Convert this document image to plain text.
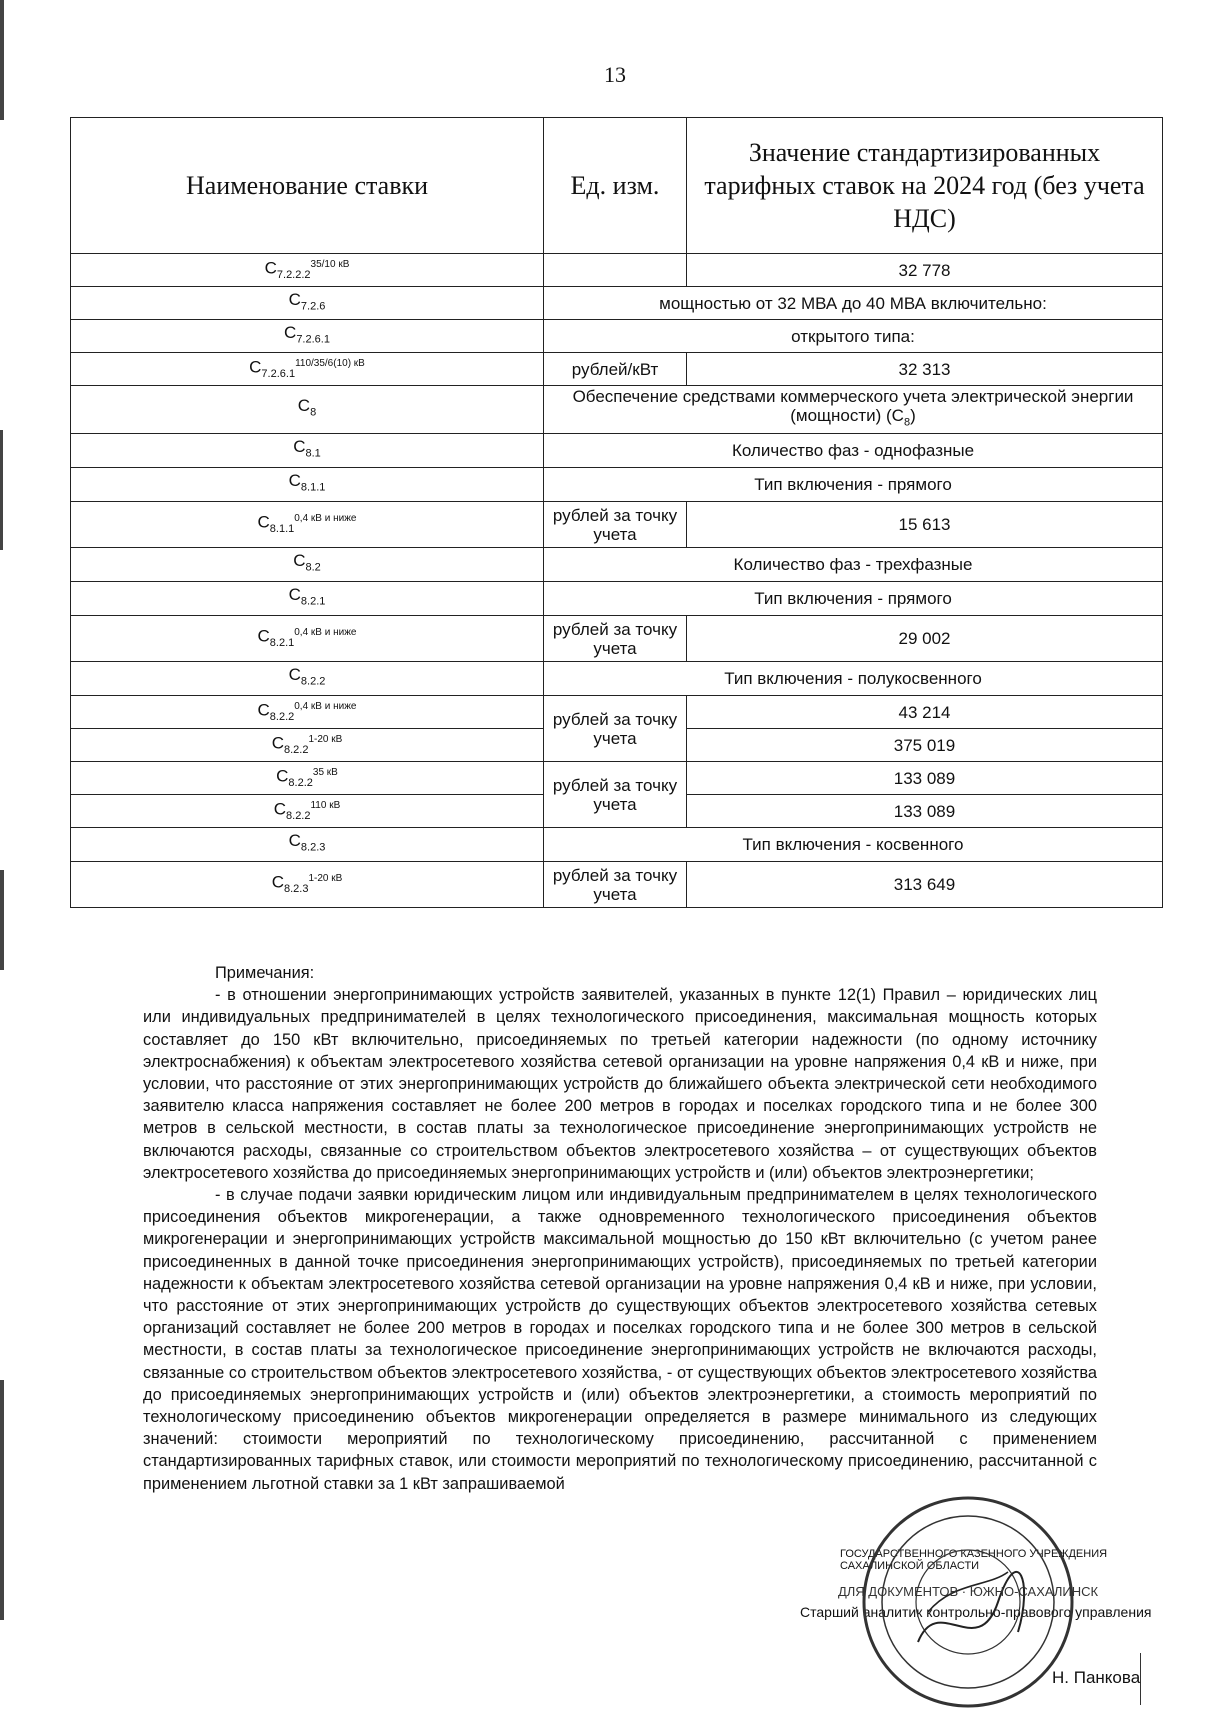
13
Наименование ставки	Ед. изм.	Значение стандартизированных тарифных ставок на 2024 год (без учета НДС)
$C_{7.2.2.2}^{35/10 кВ}$		32 778
$C_{7.2.6}$	мощностью от 32 МВА до 40 МВА включительно:	
$C_{7.2.6.1}$	открытого типа:	
$C_{7.2.6.1}^{110/35/6(10) кВ}$	рублей/кВт	32 313
$C_8$	Обеспечение средствами коммерческого учета электрической энергии (мощности) $(C_8)$	
$C_{8.1}$	Количество фаз - однофазные	
$C_{8.1.1}$	Тип включения - прямого	
$C_{8.1.1}^{0,4 кВ и ниже}$	рублей за точку учета	15 613
$C_{8.2}$	Количество фаз - трехфазные	
$C_{8.2.1}$	Тип включения - прямого	
$C_{8.2.1}^{0,4 кВ и ниже}$	рублей за точку учета	29 002
$C_{8.2.2}$	Тип включения - полукосвенного	
$C_{8.2.2}^{0,4 кВ и ниже}$	рублей за точку учета	43 214
$C_{8.2.2}^{1-20 кВ}$		375 019
$C_{8.2.2}^{35 кВ}$	рублей за точку учета	133 089
$C_{8.2.2}^{110 кВ}$		133 089
$C_{8.2.3}$	Тип включения - косвенного	
$C_{8.2.3}^{1-20 кВ}$	рублей за точку учета	313 649

Примечания:

- в отношении энергопринимающих устройств заявителей, указанных в пункте 12(1) Правил – юридических лиц или индивидуальных предпринимателей в целях технологического присоединения, максимальная мощность которых составляет до 150 кВт включительно, присоединяемых по третьей категории надежности (по одному источнику электроснабжения) к объектам электросетевого хозяйства сетевой организации на уровне напряжения 0,4 кВ и ниже, при условии, что расстояние от этих энергопринимающих устройств до ближайшего объекта электрической сети необходимого заявителю класса напряжения составляет не более 200 метров в городах и поселках городского типа и не более 300 метров в сельской местности, в состав платы за технологическое присоединение энергопринимающих устройств не включаются расходы, связанные со строительством объектов электросетевого хозяйства – от существующих объектов электросетевого хозяйства до присоединяемых энергопринимающих устройств и (или) объектов электроэнергетики;

- в случае подачи заявки юридическим лицом или индивидуальным предпринимателем в целях технологического присоединения объектов микрогенерации, а также одновременного технологического присоединения объектов микрогенерации и энергопринимающих устройств максимальной мощностью до 150 кВт включительно (с учетом ранее присоединенных в данной точке присоединения энергопринимающих устройств), присоединяемых по третьей категории надежности к объектам электросетевого хозяйства сетевой организации на уровне напряжения 0,4 кВ и ниже, при условии, что расстояние от этих энергопринимающих устройств до существующих объектов электросетевого хозяйства сетевых организаций составляет не более 200 метров в городах и поселках городского типа и не более 300 метров в сельской местности, в состав платы за технологическое присоединение энергопринимающих устройств не включаются расходы, связанные со строительством объектов электросетевого хозяйства, - от существующих объектов электросетевого хозяйства до присоединяемых энергопринимающих устройств и (или) объектов электроэнергетики, а стоимость мероприятий по технологическому присоединению объектов микрогенерации определяется в размере минимального из следующих значений: стоимости мероприятий по технологическому присоединению, рассчитанной с применением стандартизированных тарифных ставок, или стоимости мероприятий по технологическому присоединению, рассчитанной с применением льготной ставки за 1 кВт запрашиваемой

ГОСУДАРСТВЕННОГО КАЗЕННОГО УЧРЕЖДЕНИЯ САХАЛИНСКОЙ ОБЛАСТИ
Старший аналитик контрольно-правового управления
Н. Панкова
ДЛЯ ДОКУМЕНТОВ · ЮЖНО-САХАЛИНСК
